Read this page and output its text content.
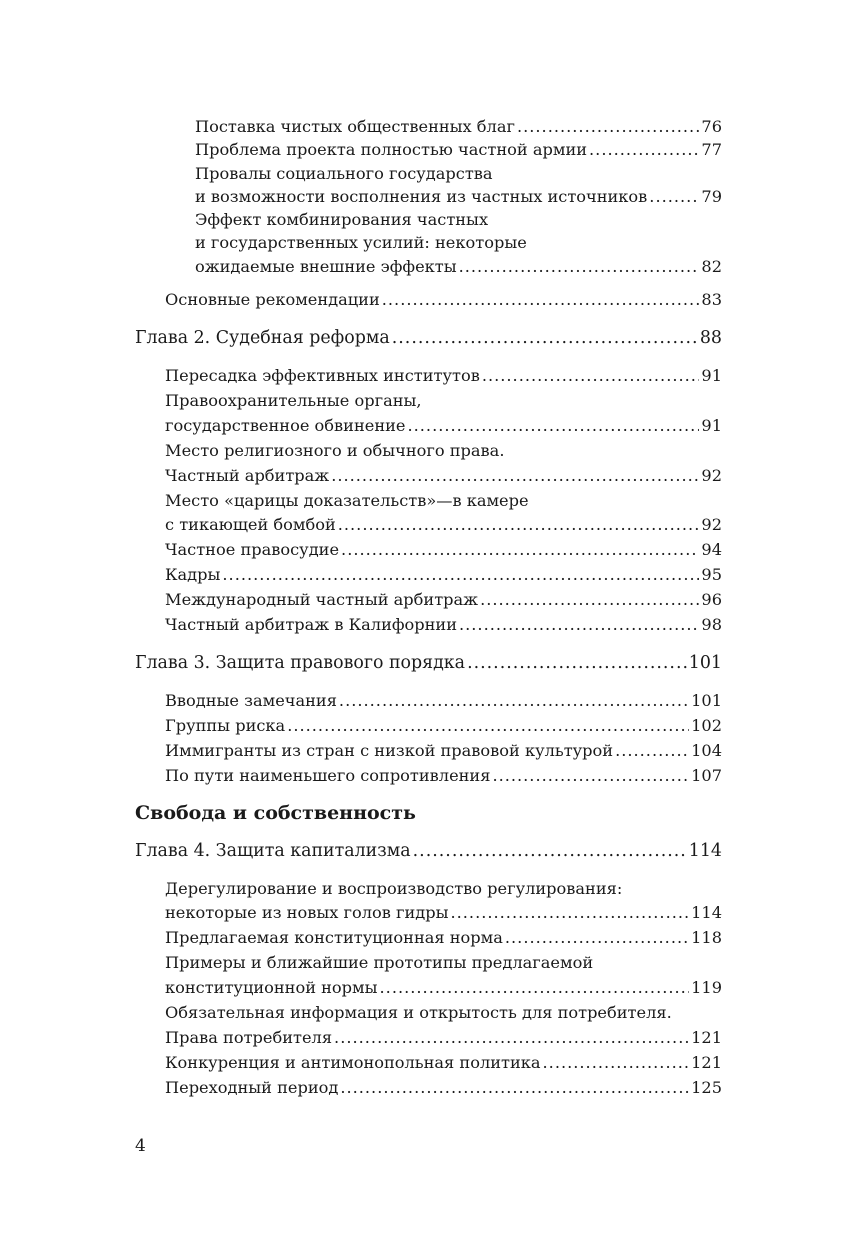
Поставка чистых общественных благ .....	76
Проблема проекта полностью частной армии .....	77
Провалы социального государства
и возможности восполнения из частных источников .....	79
Эффект комбинирования частных
и государственных усилий: некоторые
ожидаемые внешние эффекты .....	82
Основные рекомендации .....	83
Глава 2. Судебная реформа .....	88
Пересадка эффективных институтов .....	91
Правоохранительные органы,
государственное обвинение .....	91
Место религиозного и обычного права.
Частный арбитраж .....	92
Место «царицы доказательств»—в камере
с тикающей бомбой .....	92
Частное правосудие .....	94
Кадры .....	95
Международный частный арбитраж .....	96
Частный арбитраж в Калифорнии .....	98
Глава 3. Защита правового порядка .....	101
Вводные замечания .....	101
Группы риска .....	102
Иммигранты из стран с низкой правовой культурой .....	104
По пути наименьшего сопротивления .....	107
Свобода и собственность
Глава 4. Защита капитализма .....	114
Дерегулирование и воспроизводство регулирования:
некоторые из новых голов гидры .....	114
Предлагаемая конституционная норма .....	118
Примеры и ближайшие прототипы предлагаемой
конституционной нормы .....	119
Обязательная информация и открытость для потребителя.
Права потребителя .....	121
Конкуренция и антимонопольная политика .....	121
Переходный период .....	125
4
